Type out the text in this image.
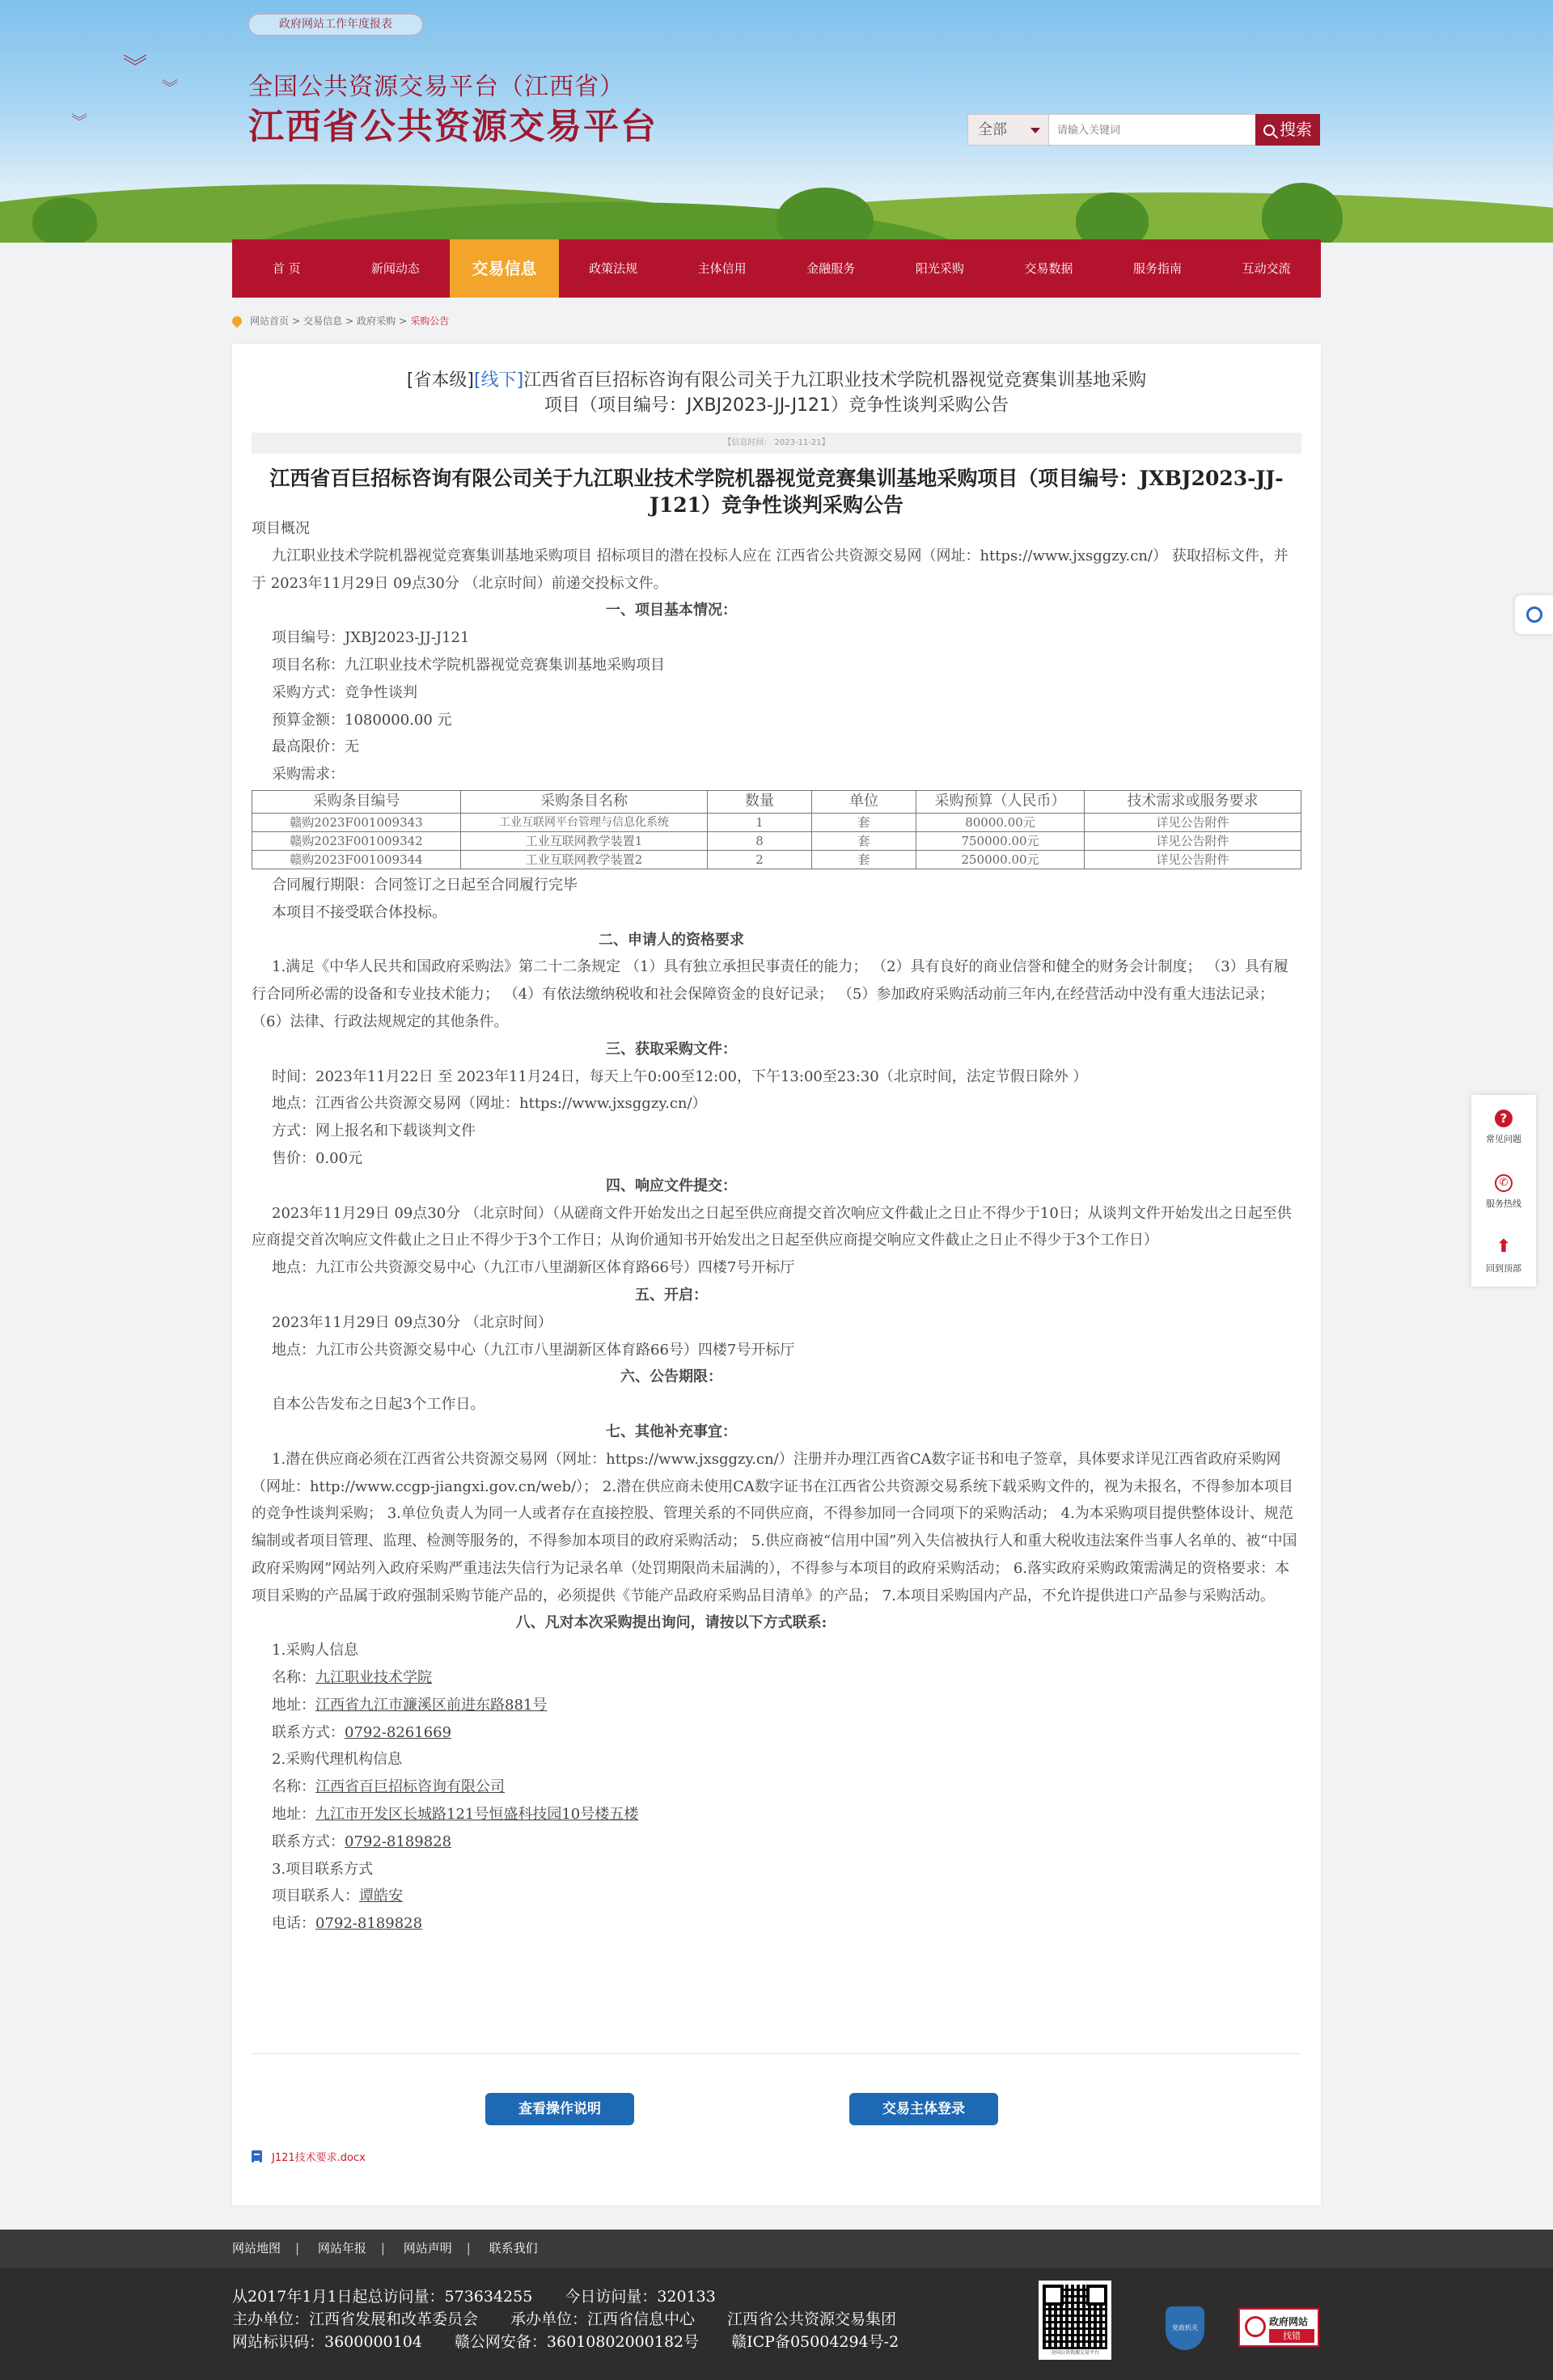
︾
︾
︾
政府网站工作年度报表
全国公共资源交易平台（江西省）
江西省公共资源交易平台	全部
请输入关键词	搜索
首 页	新闻动态	交易信息	政策法规	主体信用	金融服务	阳光采购	交易数据	服务指南	互动交流
网站首页 > 交易信息 > 政府采购 > 采购公告
[省本级][线下]江西省百巨招标咨询有限公司关于九江职业技术学院机器视觉竞赛集训基地采购
项目（项目编号：JXBJ2023-JJ-J121）竞争性谈判采购公告
【信息时间： 2023-11-21】
江西省百巨招标咨询有限公司关于九江职业技术学院机器视觉竞赛集训基地采购项目（项目编号：JXBJ2023-JJ-J121）竞争性谈判采购公告

项目概况

九江职业技术学院机器视觉竞赛集训基地采购项目 招标项目的潜在投标人应在 江西省公共资源交易网（网址：https://www.jxsggzy.cn/） 获取招标文件，并于 2023年11月29日 09点30分 （北京时间）前递交投标文件。

一、项目基本情况：

项目编号：JXBJ2023-JJ-J121

项目名称：九江职业技术学院机器视觉竞赛集训基地采购项目

采购方式：竞争性谈判

预算金额：1080000.00 元

最高限价：无

采购需求：

采购条目编号	采购条目名称	数量	单位	采购预算（人民币）	技术需求或服务要求
赣购2023F001009343	工业互联网平台管理与信息化系统	1	套	80000.00元	详见公告附件
赣购2023F001009342	工业互联网教学装置1	8	套	750000.00元	详见公告附件
赣购2023F001009344	工业互联网教学装置2	2	套	250000.00元	详见公告附件

合同履行期限：合同签订之日起至合同履行完毕

本项目不接受联合体投标。

二、申请人的资格要求

1.满足《中华人民共和国政府采购法》第二十二条规定 （1）具有独立承担民事责任的能力； （2）具有良好的商业信誉和健全的财务会计制度； （3）具有履行合同所必需的设备和专业技术能力； （4）有依法缴纳税收和社会保障资金的良好记录； （5）参加政府采购活动前三年内,在经营活动中没有重大违法记录； （6）法律、行政法规规定的其他条件。

三、获取采购文件：

时间：2023年11月22日 至 2023年11月24日，每天上午0:00至12:00，下午13:00至23:30（北京时间，法定节假日除外 ）

地点：江西省公共资源交易网（网址：https://www.jxsggzy.cn/）

方式：网上报名和下载谈判文件

售价：0.00元

四、响应文件提交：

2023年11月29日 09点30分 （北京时间）（从磋商文件开始发出之日起至供应商提交首次响应文件截止之日止不得少于10日；从谈判文件开始发出之日起至供应商提交首次响应文件截止之日止不得少于3个工作日；从询价通知书开始发出之日起至供应商提交响应文件截止之日止不得少于3个工作日）

地点：九江市公共资源交易中心（九江市八里湖新区体育路66号）四楼7号开标厅

五、开启：

2023年11月29日 09点30分 （北京时间）

地点：九江市公共资源交易中心（九江市八里湖新区体育路66号）四楼7号开标厅

六、公告期限：

自本公告发布之日起3个工作日。

七、其他补充事宜：

1.潜在供应商必须在江西省公共资源交易网（网址：https://www.jxsggzy.cn/）注册并办理江西省CA数字证书和电子签章，具体要求详见江西省政府采购网（网址：http://www.ccgp-jiangxi.gov.cn/web/）； 2.潜在供应商未使用CA数字证书在江西省公共资源交易系统下载采购文件的，视为未报名，不得参加本项目的竞争性谈判采购； 3.单位负责人为同一人或者存在直接控股、管理关系的不同供应商，不得参加同一合同项下的采购活动； 4.为本采购项目提供整体设计、规范编制或者项目管理、监理、检测等服务的，不得参加本项目的政府采购活动； 5.供应商被“信用中国”列入失信被执行人和重大税收违法案件当事人名单的、被“中国政府采购网”网站列入政府采购严重违法失信行为记录名单（处罚期限尚未届满的），不得参与本项目的政府采购活动； 6.落实政府采购政策需满足的资格要求：本项目采购的产品属于政府强制采购节能产品的，必须提供《节能产品政府采购品目清单》的产品； 7.本项目采购国内产品，不允许提供进口产品参与采购活动。

八、凡对本次采购提出询问，请按以下方式联系:

1.采购人信息

名称：九江职业技术学院

地址：江西省九江市濂溪区前进东路881号

联系方式：0792-8261669

2.采购代理机构信息

名称：江西省百巨招标咨询有限公司

地址：九江市开发区长城路121号恒盛科技园10号楼五楼

联系方式：0792-8189828

3.项目联系方式

项目联系人：谭皓安

电话：0792-8189828

查看操作说明	交易主体登录
J121技术要求.docx
?
常见问题
✆
服务热线
⬆
回到顶部
网站地图 | 网站年报 | 网站声明 | 联系我们
从2017年1月1日起总访问量：573634255 今日访问量：320133
主办单位：江西省发展和改革委员会 承办单位：江西省信息中心 江西省公共资源交易集团
网站标识码：3600000104 赣公网安备：36010802000182号 赣ICP备05004294号-2
全国公共资源交易平台
党政机关
政府网站
找错
